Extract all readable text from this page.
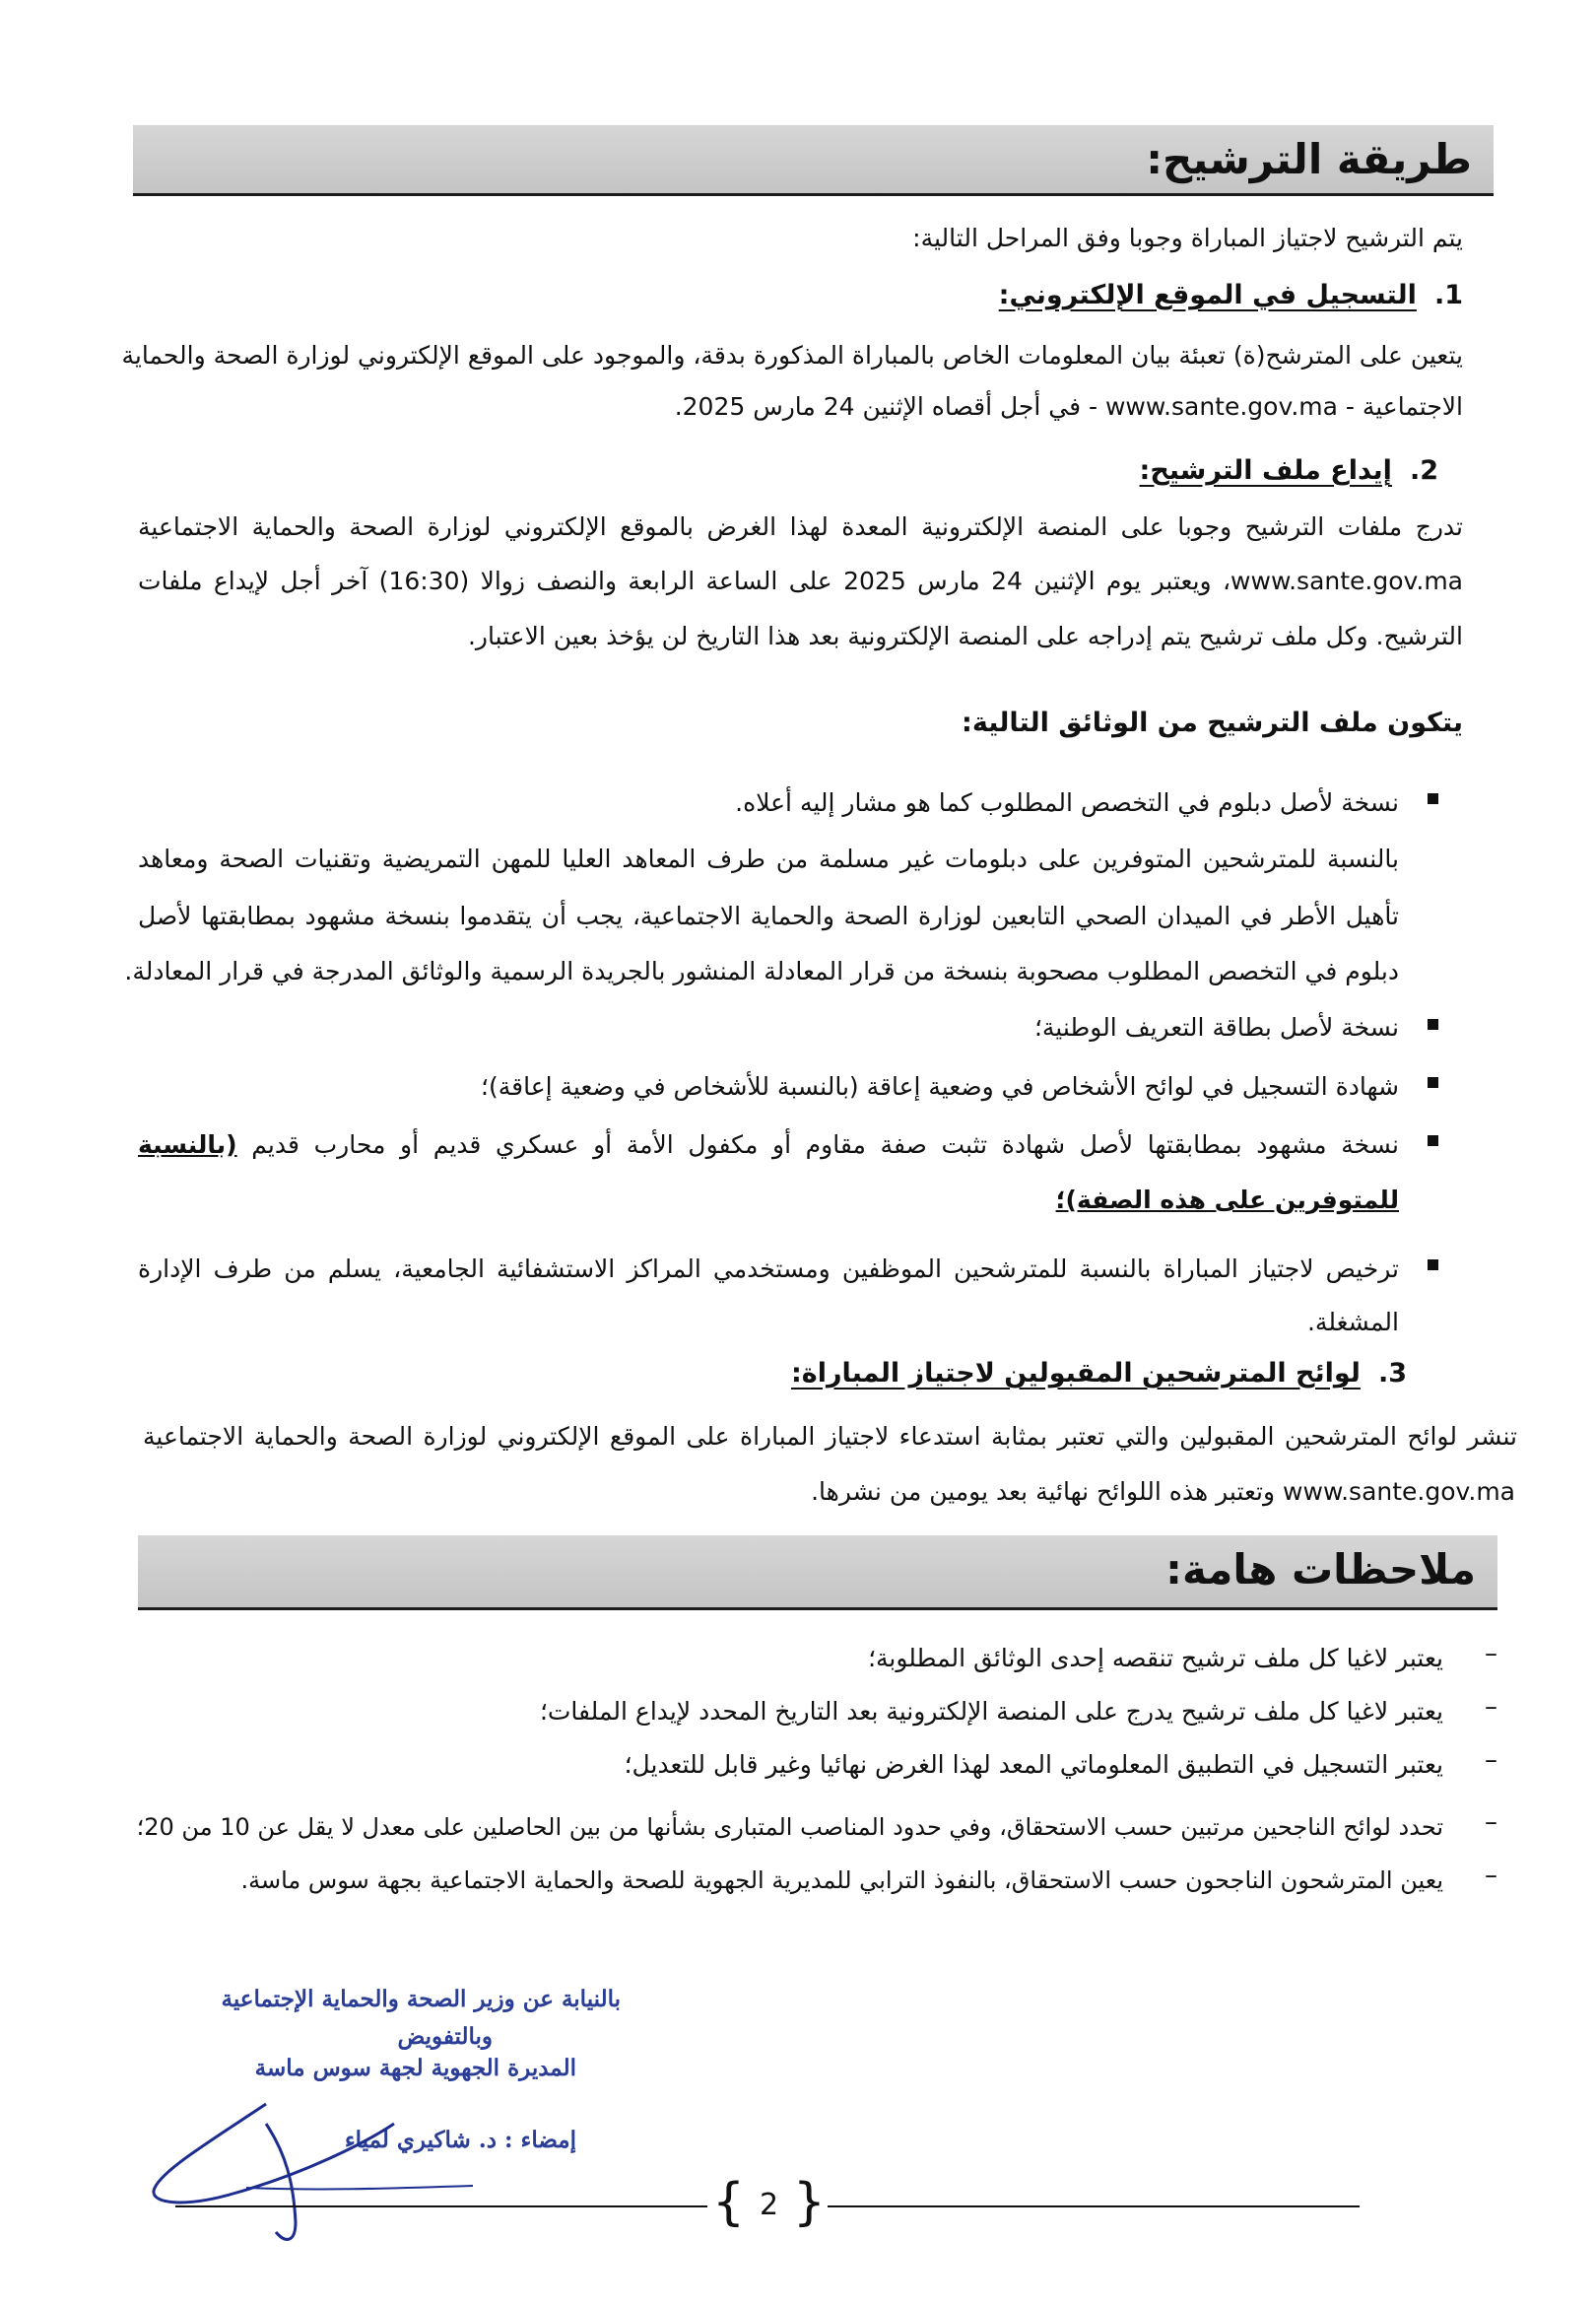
طريقة الترشيح:

يتم الترشيح لاجتياز المباراة وجوبا وفق المراحل التالية:

1.التسجيل في الموقع الإلكتروني:

يتعين على المترشح(ة) تعبئة بيان المعلومات الخاص بالمباراة المذكورة بدقة، والموجود على الموقع الإلكتروني لوزارة الصحة والحماية

الاجتماعية - www.sante.gov.ma - في أجل أقصاه الإثنين 24 مارس 2025.

2.إيداع ملف الترشيح:

تدرج ملفات الترشيح وجوبا على المنصة الإلكترونية المعدة لهذا الغرض بالموقع الإلكتروني لوزارة الصحة والحماية الاجتماعية

www.sante.gov.ma، ويعتبر يوم الإثنين 24 مارس 2025 على الساعة الرابعة والنصف زوالا (16:30) آخر أجل لإيداع ملفات

الترشيح. وكل ملف ترشيح يتم إدراجه على المنصة الإلكترونية بعد هذا التاريخ لن يؤخذ بعين الاعتبار.

يتكون ملف الترشيح من الوثائق التالية:

نسخة لأصل دبلوم في التخصص المطلوب كما هو مشار إليه أعلاه.

بالنسبة للمترشحين المتوفرين على دبلومات غير مسلمة من طرف المعاهد العليا للمهن التمريضية وتقنيات الصحة ومعاهد

تأهيل الأطر في الميدان الصحي التابعين لوزارة الصحة والحماية الاجتماعية، يجب أن يتقدموا بنسخة مشهود بمطابقتها لأصل

دبلوم في التخصص المطلوب مصحوبة بنسخة من قرار المعادلة المنشور بالجريدة الرسمية والوثائق المدرجة في قرار المعادلة.

نسخة لأصل بطاقة التعريف الوطنية؛

شهادة التسجيل في لوائح الأشخاص في وضعية إعاقة (بالنسبة للأشخاص في وضعية إعاقة)؛

نسخة مشهود بمطابقتها لأصل شهادة تثبت صفة مقاوم أو مكفول الأمة أو عسكري قديم أو محارب قديم (بالنسبة

للمتوفرين على هذه الصفة)؛

ترخيص لاجتياز المباراة بالنسبة للمترشحين الموظفين ومستخدمي المراكز الاستشفائية الجامعية، يسلم من طرف الإدارة

المشغلة.

3.لوائح المترشحين المقبولين لاجتياز المباراة:

تنشر لوائح المترشحين المقبولين والتي تعتبر بمثابة استدعاء لاجتياز المباراة على الموقع الإلكتروني لوزارة الصحة والحماية الاجتماعية

www.sante.gov.ma وتعتبر هذه اللوائح نهائية بعد يومين من نشرها.

ملاحظات هامة:
–

يعتبر لاغيا كل ملف ترشيح تنقصه إحدى الوثائق المطلوبة؛

–

يعتبر لاغيا كل ملف ترشيح يدرج على المنصة الإلكترونية بعد التاريخ المحدد لإيداع الملفات؛

–

يعتبر التسجيل في التطبيق المعلوماتي المعد لهذا الغرض نهائيا وغير قابل للتعديل؛

–

تحدد لوائح الناجحين مرتبين حسب الاستحقاق، وفي حدود المناصب المتبارى بشأنها من بين الحاصلين على معدل لا يقل عن 10 من 20؛

–

يعين المترشحون الناجحون حسب الاستحقاق، بالنفوذ الترابي للمديرية الجهوية للصحة والحماية الاجتماعية بجهة سوس ماسة.

بالنيابة عن وزير الصحة والحماية الإجتماعية
وبالتفويض
المديرة الجهوية لجهة سوس ماسة
إمضاء : د. شاكيري لمياء
{ 2 }
